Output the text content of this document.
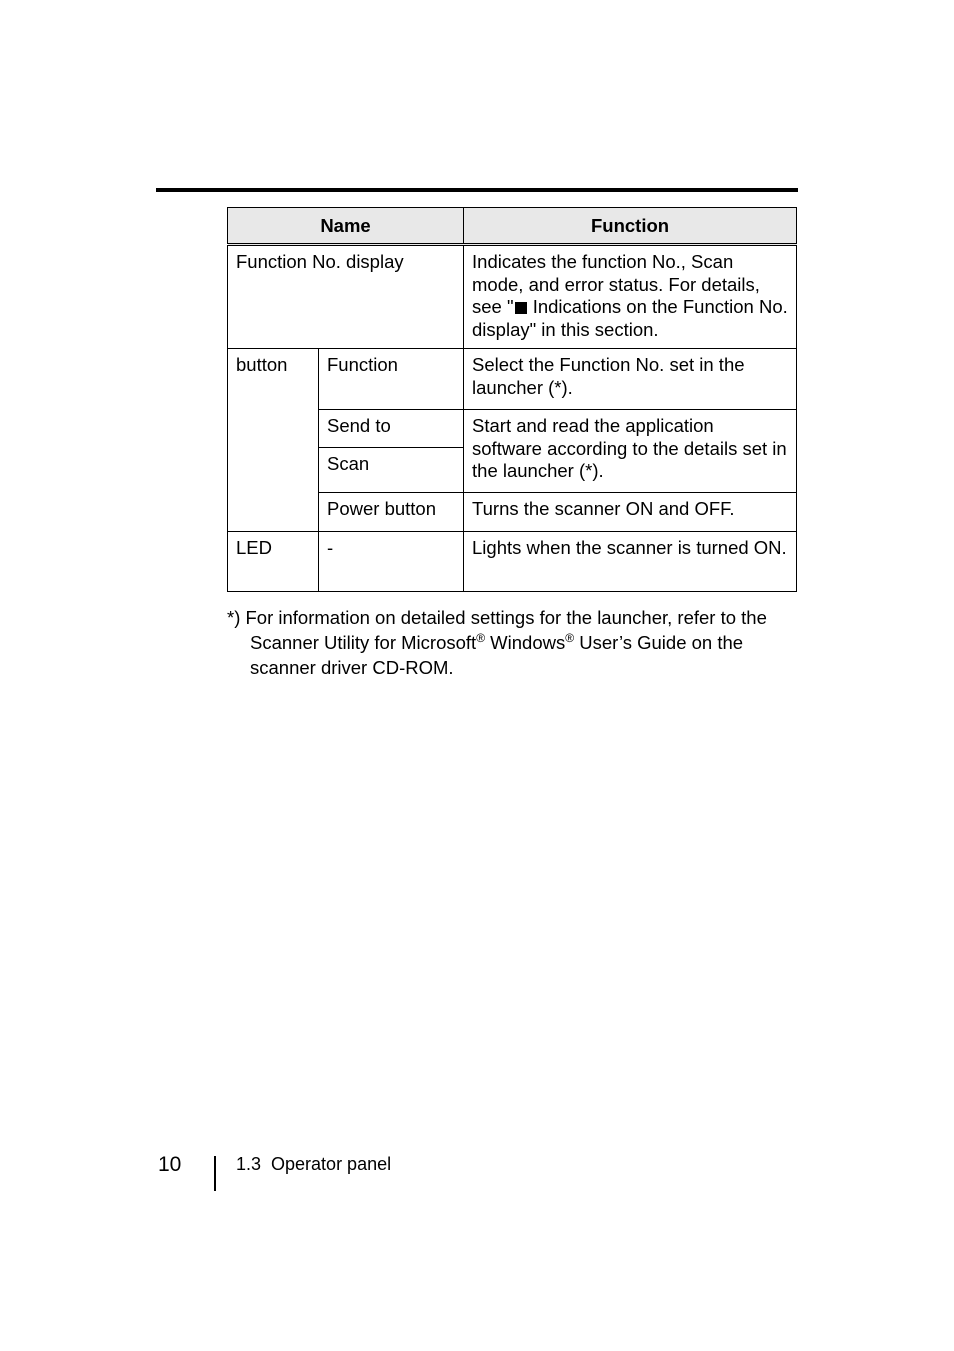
Name		Function
Function No. display		Indicates the function No., Scan mode, and error status. For details, see " Indications on the Function No. display" in this section.
button	Function	Select the Function No. set in the launcher (*).
	Send to	Start and read the application software according to the details set in the launcher (*).
	Scan	
	Power button	Turns the scanner ON and OFF.
LED	-	Lights when the scanner is turned ON.
*) For information on detailed settings for the launcher, refer to the
Scanner Utility for Microsoft® Windows® User’s Guide on the
scanner driver CD-ROM.
10	1.3  Operator panel
